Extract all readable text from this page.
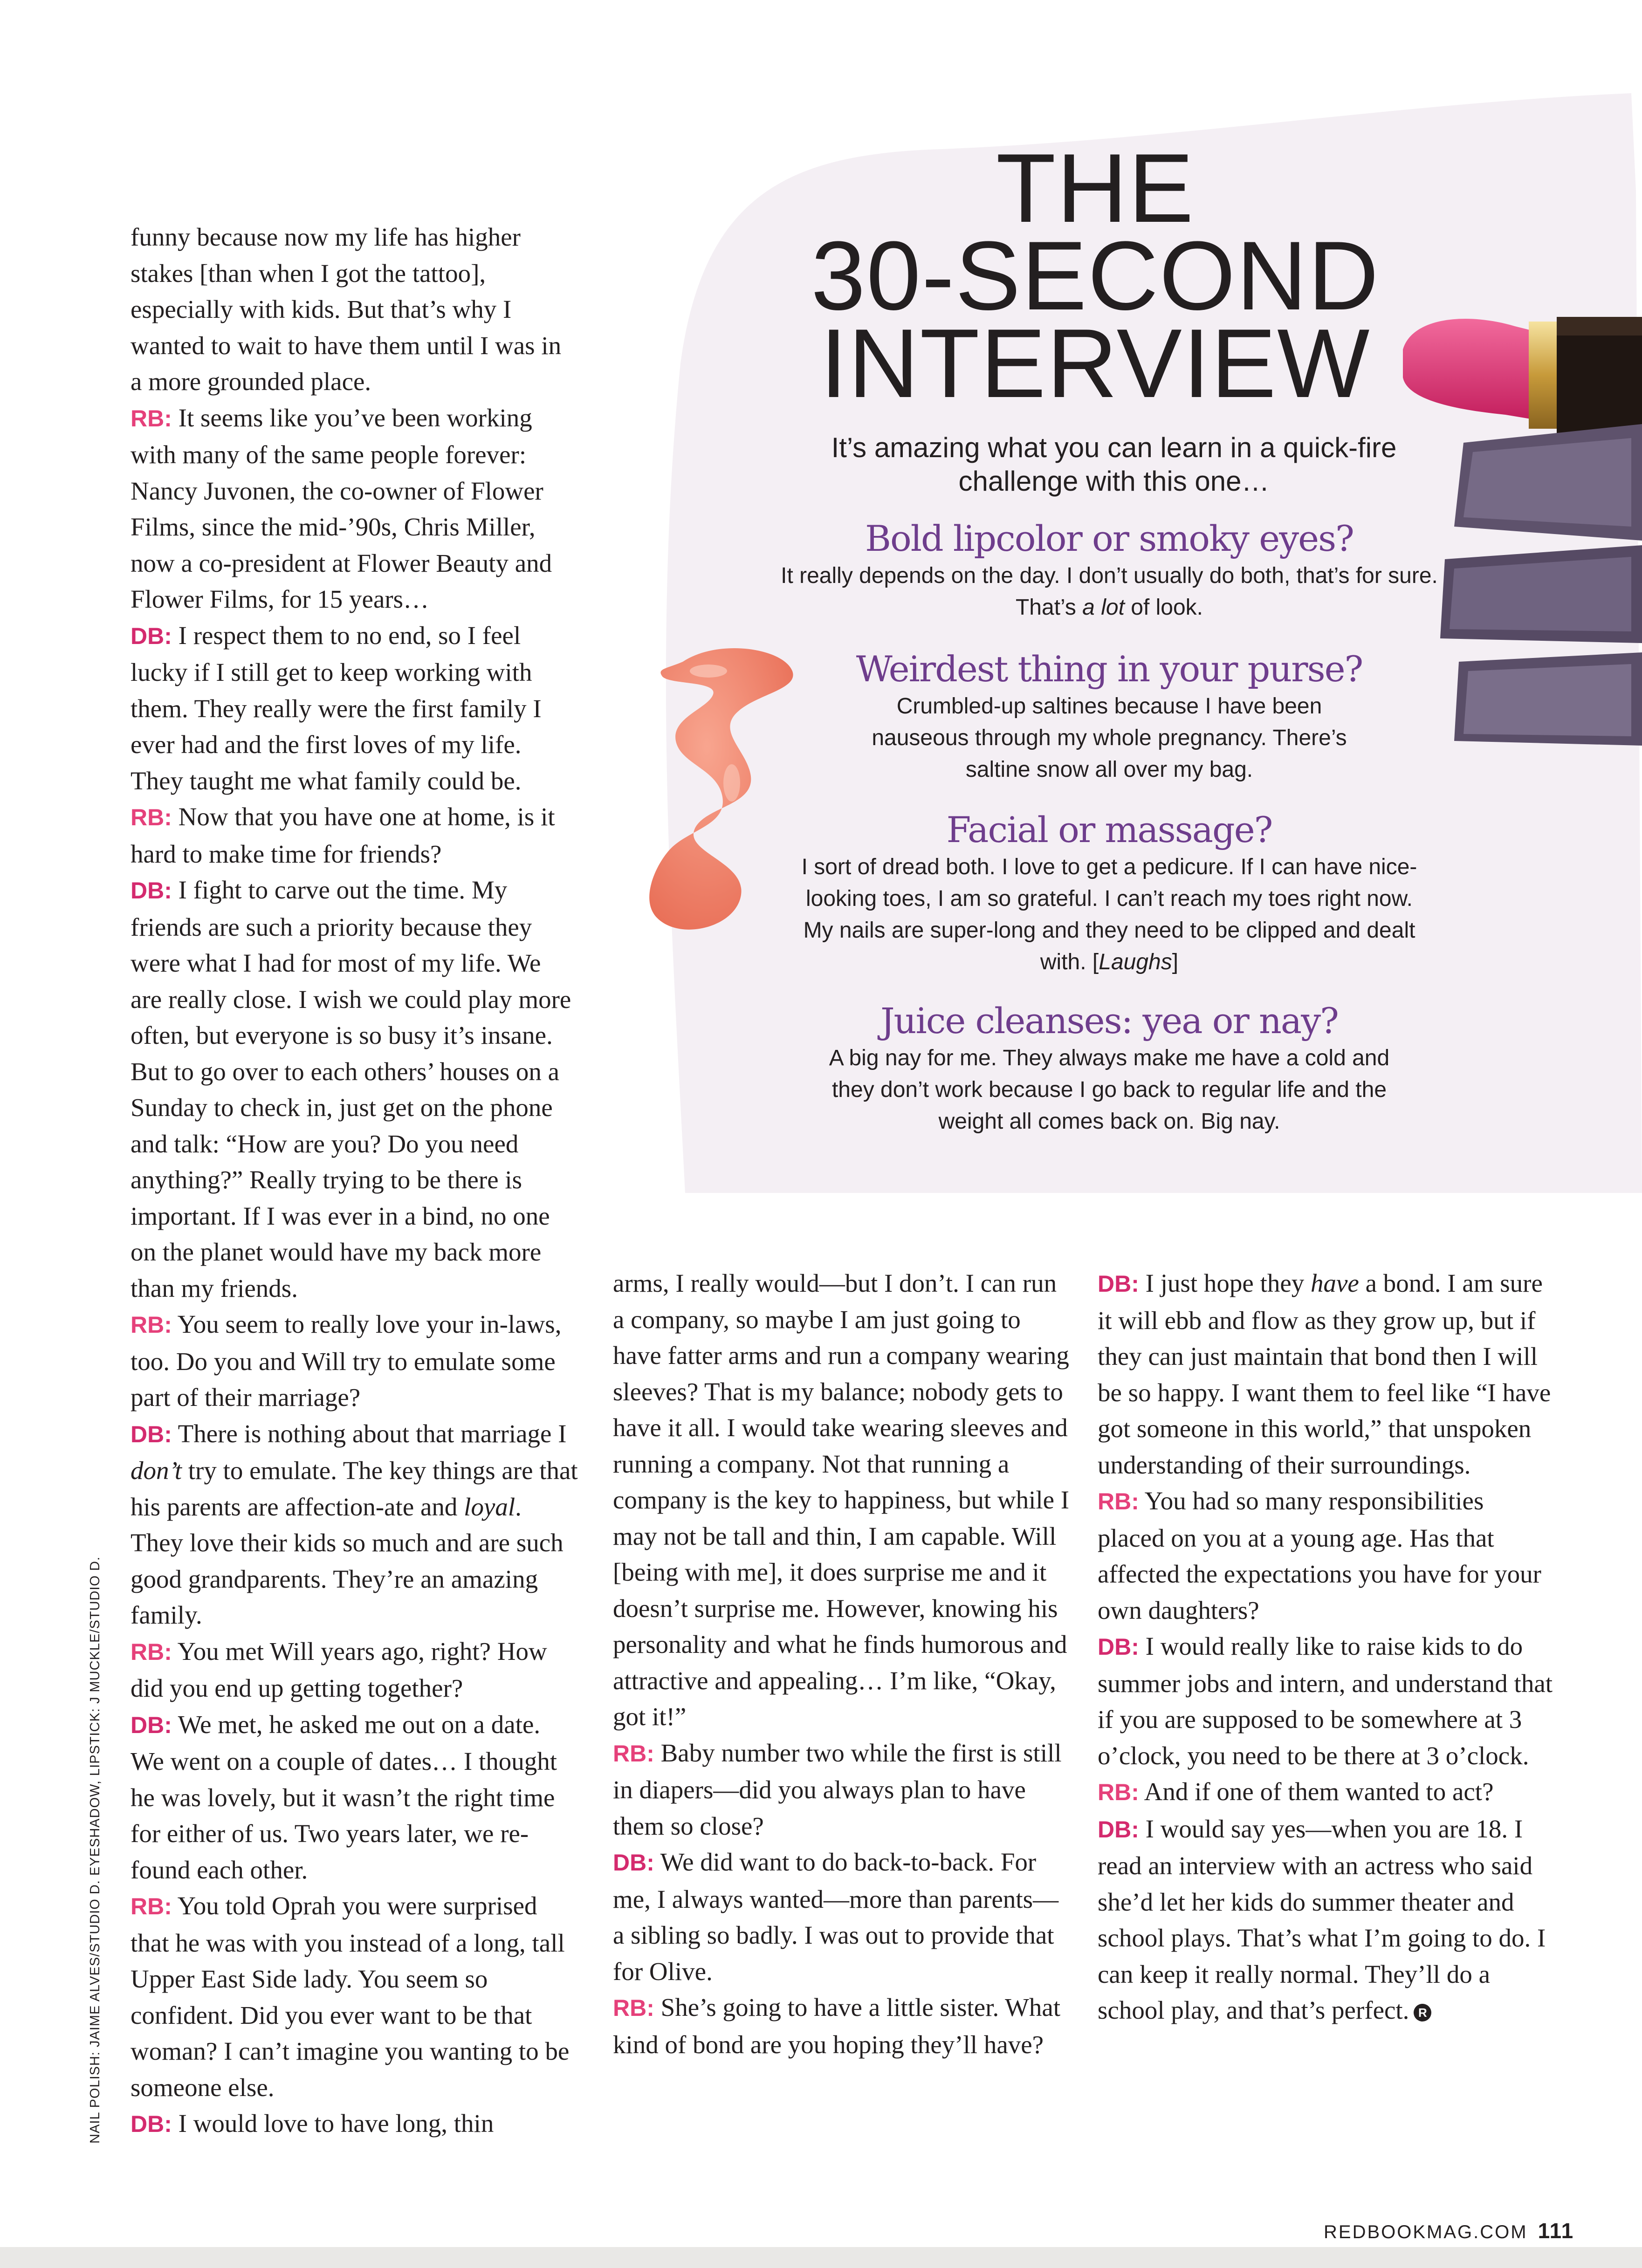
THE
30-SECOND
INTERVIEW
It’s amazing what you can learn in a quick-fire challenge with this one…

Bold lipcolor or smoky eyes?

It really depends on the day. I don’t usually do both, that’s for sure. That’s a lot of look.

Weirdest thing in your purse?

Crumbled-up saltines because I have been nauseous through my whole pregnancy. There’s saltine snow all over my bag.

Facial or massage?

I sort of dread both. I love to get a pedicure. If I can have nice-looking toes, I am so grateful. I can’t reach my toes right now. My nails are super-long and they need to be clipped and dealt with. [Laughs]

Juice cleanses: yea or nay?

A big nay for me. They always make me have a cold and they don’t work because I go back to regular life and the weight all comes back on. Big nay.

funny because now my life has higher stakes [than when I got the tattoo], especially with kids. But that’s why I wanted to wait to have them until I was in a more grounded place.

RB: It seems like you’ve been working with many of the same people forever: Nancy Juvonen, the co-owner of Flower Films, since the mid-’90s, Chris Miller, now a co-president at Flower Beauty and Flower Films, for 15 years…

DB: I respect them to no end, so I feel lucky if I still get to keep working with them. They really were the first family I ever had and the first loves of my life. They taught me what family could be.

RB: Now that you have one at home, is it hard to make time for friends?

DB: I fight to carve out the time. My friends are such a priority because they were what I had for most of my life. We are really close. I wish we could play more often, but everyone is so busy it’s insane. But to go over to each others’ houses on a Sunday to check in, just get on the phone and talk: “How are you? Do you need anything?” Really trying to be there is important. If I was ever in a bind, no one on the planet would have my back more than my friends.

RB: You seem to really love your in-laws, too. Do you and Will try to emulate some part of their marriage?

DB: There is nothing about that marriage I don’t try to emulate. The key things are that his parents are affection-ate and loyal. They love their kids so much and are such good grandparents. They’re an amazing family.

RB: You met Will years ago, right? How did you end up getting together?

DB: We met, he asked me out on a date. We went on a couple of dates… I thought he was lovely, but it wasn’t the right time for either of us. Two years later, we re-found each other.

RB: You told Oprah you were surprised that he was with you instead of a long, tall Upper East Side lady. You seem so confident. Did you ever want to be that woman? I can’t imagine you wanting to be someone else.

DB: I would love to have long, thin

arms, I really would—but I don’t. I can run a company, so maybe I am just going to have fatter arms and run a company wearing sleeves? That is my balance; nobody gets to have it all. I would take wearing sleeves and running a company. Not that running a company is the key to happiness, but while I may not be tall and thin, I am capable. Will [being with me], it does surprise me and it doesn’t surprise me. However, knowing his personality and what he finds humorous and attractive and appealing… I’m like, “Okay, got it!”

RB: Baby number two while the first is still in diapers—did you always plan to have them so close?

DB: We did want to do back-to-back. For me, I always wanted—more than parents—a sibling so badly. I was out to provide that for Olive.

RB: She’s going to have a little sister. What kind of bond are you hoping they’ll have?

DB: I just hope they have a bond. I am sure it will ebb and flow as they grow up, but if they can just maintain that bond then I will be so happy. I want them to feel like “I have got someone in this world,” that unspoken understanding of their surroundings.

RB: You had so many responsibilities placed on you at a young age. Has that affected the expectations you have for your own daughters?

DB: I would really like to raise kids to do summer jobs and intern, and understand that if you are supposed to be somewhere at 3 o’clock, you need to be there at 3 o’clock.

RB: And if one of them wanted to act?

DB: I would say yes—when you are 18. I read an interview with an actress who said she’d let her kids do summer theater and school plays. That’s what I’m going to do. I can keep it really normal. They’ll do a school play, and that’s perfect. R

NAIL POLISH: JAIME ALVES/STUDIO D. EYESHADOW, LIPSTICK: J MUCKLE/STUDIO D.
REDBOOKMAG.COM 111
